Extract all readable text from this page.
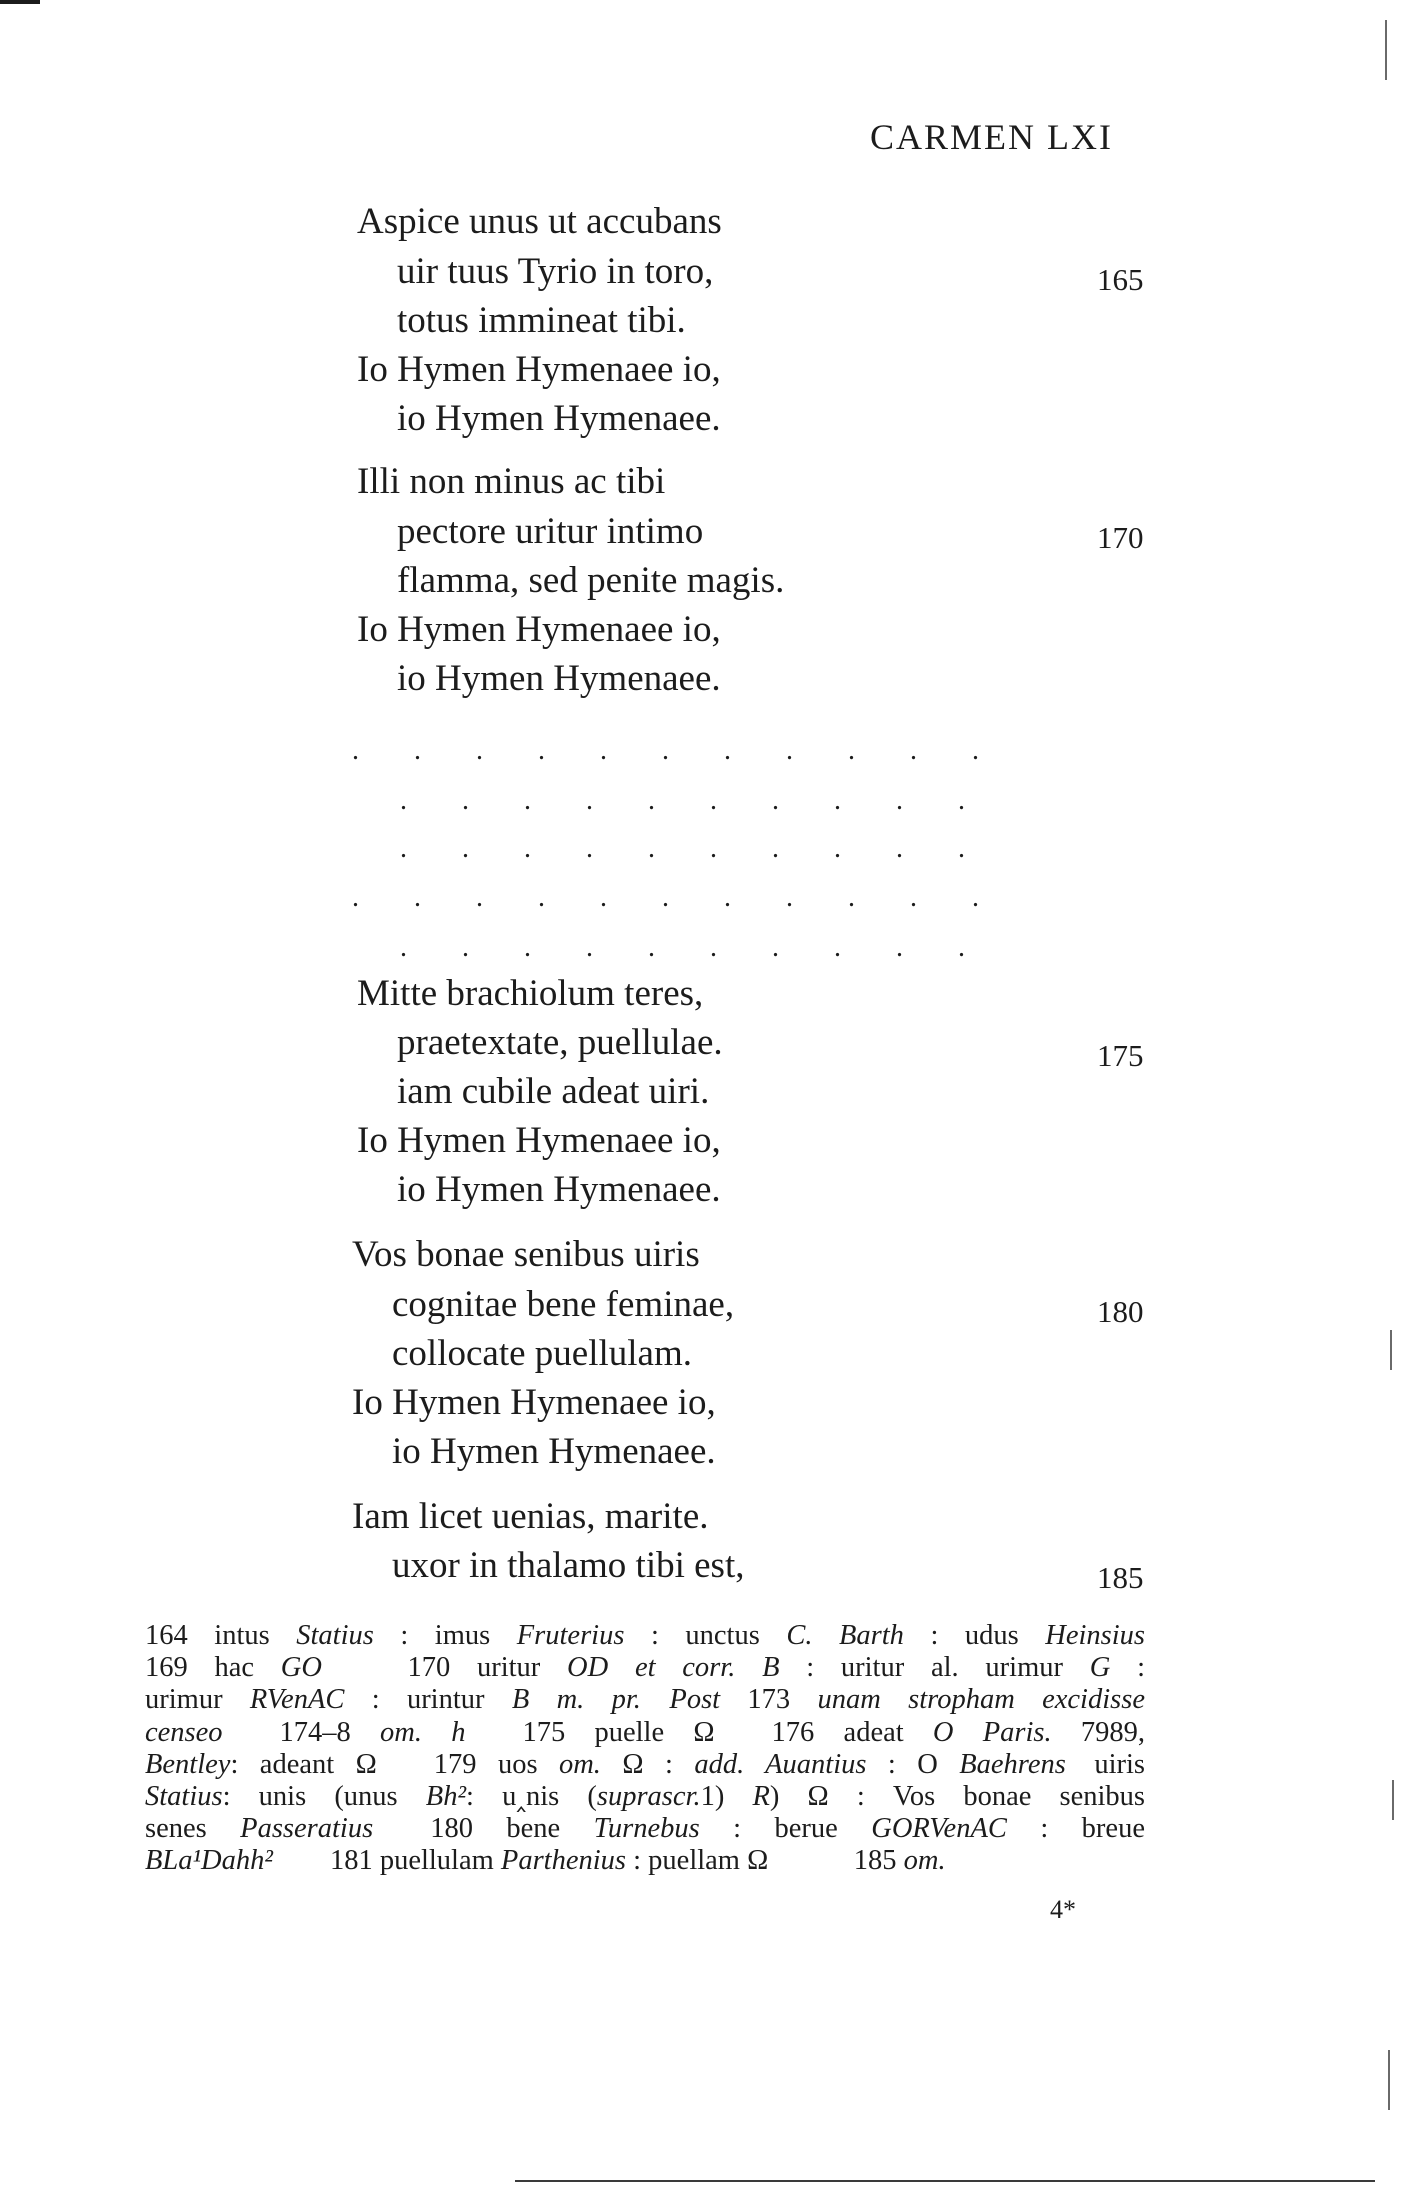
CARMEN LXI
Aspice unus ut accubans
uir tuus Tyrio in toro,	165
totus immineat tibi.
Io Hymen Hymenaee io,
io Hymen Hymenaee.
Illi non minus ac tibi
pectore uritur intimo	170
flamma, sed penite magis.
Io Hymen Hymenaee io,
io Hymen Hymenaee.
Mitte brachiolum teres,
praetextate, puellulae.	175
iam cubile adeat uiri.
Io Hymen Hymenaee io,
io Hymen Hymenaee.
Vos bonae senibus uiris
cognitae bene feminae,	180
collocate puellulam.
Io Hymen Hymenaee io,
io Hymen Hymenaee.
Iam licet uenias, marite.
uxor in thalamo tibi est,	185
. . . . . . . . . . .
. . . . . . . . . .
. . . . . . . . . .
. . . . . . . . . . .
. . . . . . . . . .
164 intus Statius : imus Fruterius : unctus C. Barth : udus Heinsius
169 hac GO   170 uritur OD et corr. B : uritur al. urimur G :
urimur RVenAC : urintur B m. pr.  Post 173 unam stropham excidisse
censeo  174–8 om. h  175 puelle Ω  176 adeat O Paris. 7989,
Bentley: adeant Ω  179 uos om. Ω : add. Auantius : O Baehrens uiris
Statius: unis (unus Bh²: u‸nis (suprascr.1) R) Ω : Vos bonae senibus
senes Passeratius  180 bene Turnebus : berue GORVenAC : breue
BLa¹Dahh²  181 puellulam Parthenius : puellam Ω   185 om.
4*
